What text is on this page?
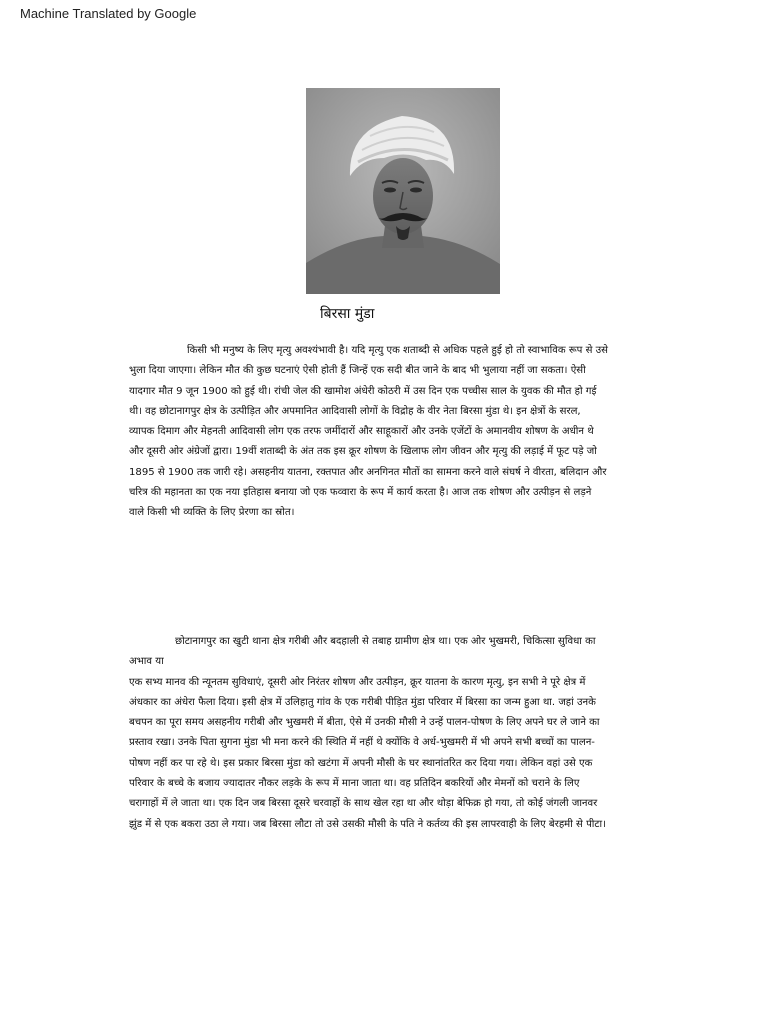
Machine Translated by Google
बिरसा मुंडा

किसी भी मनुष्य के लिए मृत्यु अवश्यंभावी है। यदि मृत्यु एक शताब्दी से अधिक पहले हुई हो तो स्वाभाविक रूप से उसे
भुला दिया जाएगा। लेकिन मौत की कुछ घटनाएं ऐसी होती हैं जिन्हें एक सदी बीत जाने के बाद भी भुलाया नहीं जा सकता। ऐसी
यादगार मौत 9 जून 1900 को हुई थी। रांची जेल की खामोश अंधेरी कोठरी में उस दिन एक पच्चीस साल के युवक की मौत हो गई
थी। वह छोटानागपुर क्षेत्र के उत्पीड़ित और अपमानित आदिवासी लोगों के विद्रोह के वीर नेता बिरसा मुंडा थे। इन क्षेत्रों के सरल,
व्यापक दिमाग और मेहनती आदिवासी लोग एक तरफ जमींदारों और साहूकारों और उनके एजेंटों के अमानवीय शोषण के अधीन थे
और दूसरी ओर अंग्रेजों द्वारा। 19वीं शताब्दी के अंत तक इस क्रूर शोषण के खिलाफ लोग जीवन और मृत्यु की लड़ाई में फूट पड़े जो
1895 से 1900 तक जारी रहे। असहनीय यातना, रक्तपात और अनगिनत मौतों का सामना करने वाले संघर्ष ने वीरता, बलिदान और
चरित्र की महानता का एक नया इतिहास बनाया जो एक फव्वारा के रूप में कार्य करता है। आज तक शोषण और उत्पीड़न से लड़ने
वाले किसी भी व्यक्ति के लिए प्रेरणा का स्रोत।

छोटानागपुर का खुटी थाना क्षेत्र गरीबी और बदहाली से तबाह ग्रामीण क्षेत्र था। एक ओर भुखमरी, चिकित्सा सुविधा का
अभाव या
एक सभ्य मानव की न्यूनतम सुविधाएं, दूसरी ओर निरंतर शोषण और उत्पीड़न, क्रूर यातना के कारण मृत्यु, इन सभी ने पूरे क्षेत्र में
अंधकार का अंधेरा फैला दिया। इसी क्षेत्र में उलिहातु गांव के एक गरीबी पीड़ित मुंडा परिवार में बिरसा का जन्म हुआ था. जहां उनके
बचपन का पूरा समय असहनीय गरीबी और भुखमरी में बीता, ऐसे में उनकी मौसी ने उन्हें पालन-पोषण के लिए अपने घर ले जाने का
प्रस्ताव रखा। उनके पिता सुगना मुंडा भी मना करने की स्थिति में नहीं थे क्योंकि वे अर्ध-भुखमरी में भी अपने सभी बच्चों का पालन-
पोषण नहीं कर पा रहे थे। इस प्रकार बिरसा मुंडा को खटंगा में अपनी मौसी के घर स्थानांतरित कर दिया गया। लेकिन वहां उसे एक
परिवार के बच्चे के बजाय ज्यादातर नौकर लड़के के रूप में माना जाता था। वह प्रतिदिन बकरियों और मेमनों को चराने के लिए
चरागाहों में ले जाता था। एक दिन जब बिरसा दूसरे चरवाहों के साथ खेल रहा था और थोड़ा बेफिक्र हो गया, तो कोई जंगली जानवर
झुंड में से एक बकरा उठा ले गया। जब बिरसा लौटा तो उसे उसकी मौसी के पति ने कर्तव्य की इस लापरवाही के लिए बेरहमी से पीटा।
